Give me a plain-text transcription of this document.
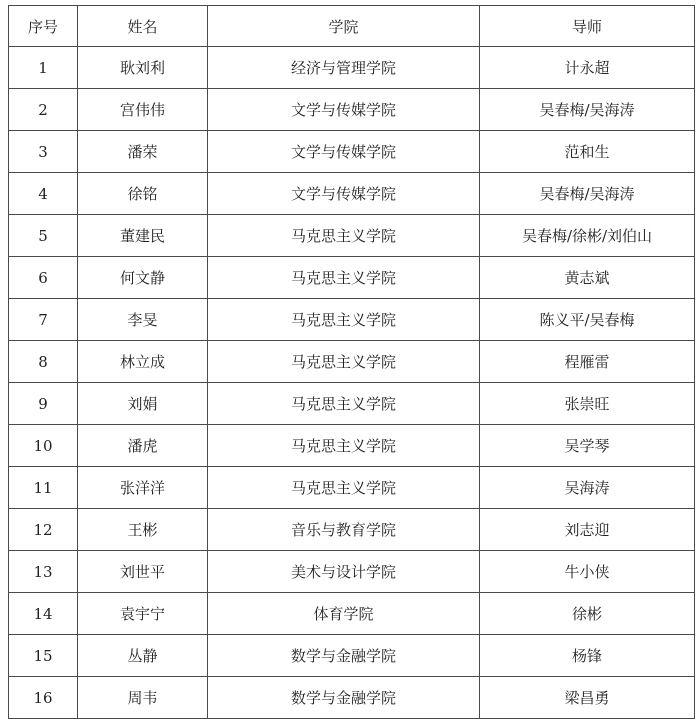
序号	姓名	学院	导师
1	耿刘利	经济与管理学院	计永超
2	宫伟伟	文学与传媒学院	吴春梅/吴海涛
3	潘荣	文学与传媒学院	范和生
4	徐铭	文学与传媒学院	吴春梅/吴海涛
5	董建民	马克思主义学院	吴春梅/徐彬/刘伯山
6	何文静	马克思主义学院	黄志斌
7	李旻	马克思主义学院	陈义平/吴春梅
8	林立成	马克思主义学院	程雁雷
9	刘娟	马克思主义学院	张崇旺
10	潘虎	马克思主义学院	吴学琴
11	张洋洋	马克思主义学院	吴海涛
12	王彬	音乐与教育学院	刘志迎
13	刘世平	美术与设计学院	牛小侠
14	袁宇宁	体育学院	徐彬
15	丛静	数学与金融学院	杨锋
16	周韦	数学与金融学院	梁昌勇
